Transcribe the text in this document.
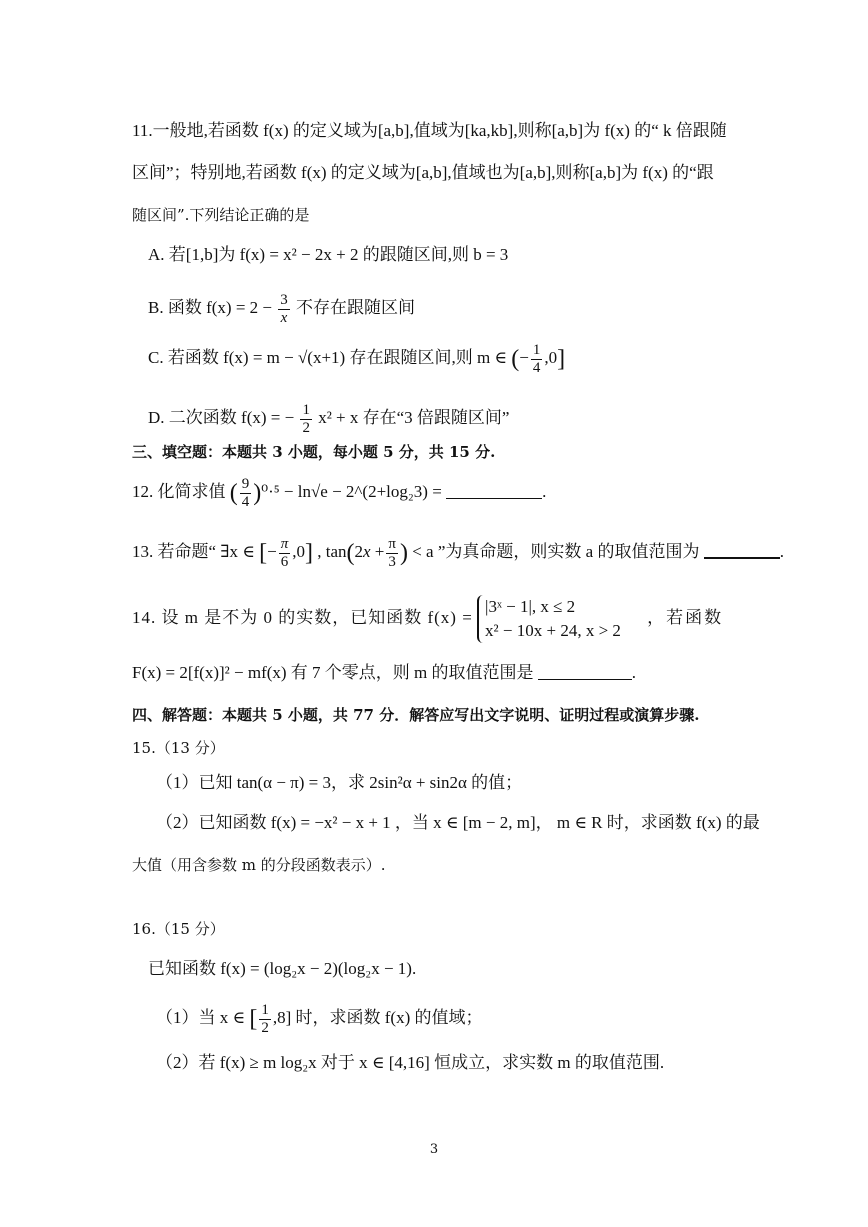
11.一般地,若函数 f(x) 的定义域为[a,b],值域为[ka,kb],则称[a,b]为 f(x) 的“ k 倍跟随
区间”；特别地,若函数 f(x) 的定义域为[a,b],值域也为[a,b],则称[a,b]为 f(x) 的“跟
随区间”.下列结论正确的是
A. 若[1,b]为 f(x) = x² − 2x + 2 的跟随区间,则 b = 3
B. 函数 $f(x) = 2 - \frac{3}{x}$ 不存在跟随区间
C. 若函数 f(x) = m − √(x+1) 存在跟随区间,则 m ∈ (− $\frac{1}{4} ,0$]
D. 二次函数 f(x) = − $\frac{1}{2} x^2 + x$ 存在“3 倍跟随区间”
三、填空题：本题共 3 小题，每小题 5 分，共 15 分.
12. 化简求值 ( $\frac{9}{4} )^0\cdot^5 - \ln√e$ − 2^(2+log₂3) =	.
13. 若命题“ ∃x ∈ [− $\frac{\pi}{6} ,0$] , $\tan(2x + \frac{\pi}{3}$ ) < a ”为真命题，则实数 a 的取值范围为	.
14. 设 m 是不为 0 的实数，已知函数 f(x) =
|3ˣ − 1|, x ≤ 2
x² − 10x + 24, x > 2
，若函数
F(x) = 2[f(x)]² − mf(x) 有 7 个零点，则 m 的取值范围是	.
四、解答题：本题共 5 小题，共 77 分．解答应写出文字说明、证明过程或演算步骤.
15.（13 分）
（1）已知 tan(α − π) = 3，求 2sin²α + sin2α 的值；
（2）已知函数 f(x) = −x² − x + 1 ，当 x ∈ [m − 2, m]， m ∈ R 时，求函数 f(x) 的最
大值（用含参数 m 的分段函数表示）.
16.（15 分）
已知函数 f(x) = (log₂x − 2)(log₂x − 1).
（1）当 x ∈ [ $\frac{1}{2} ,8$] 时，求函数 f(x) 的值域；
（2）若 f(x) ≥ m log₂x 对于 x ∈ [4,16] 恒成立，求实数 m 的取值范围.
3
